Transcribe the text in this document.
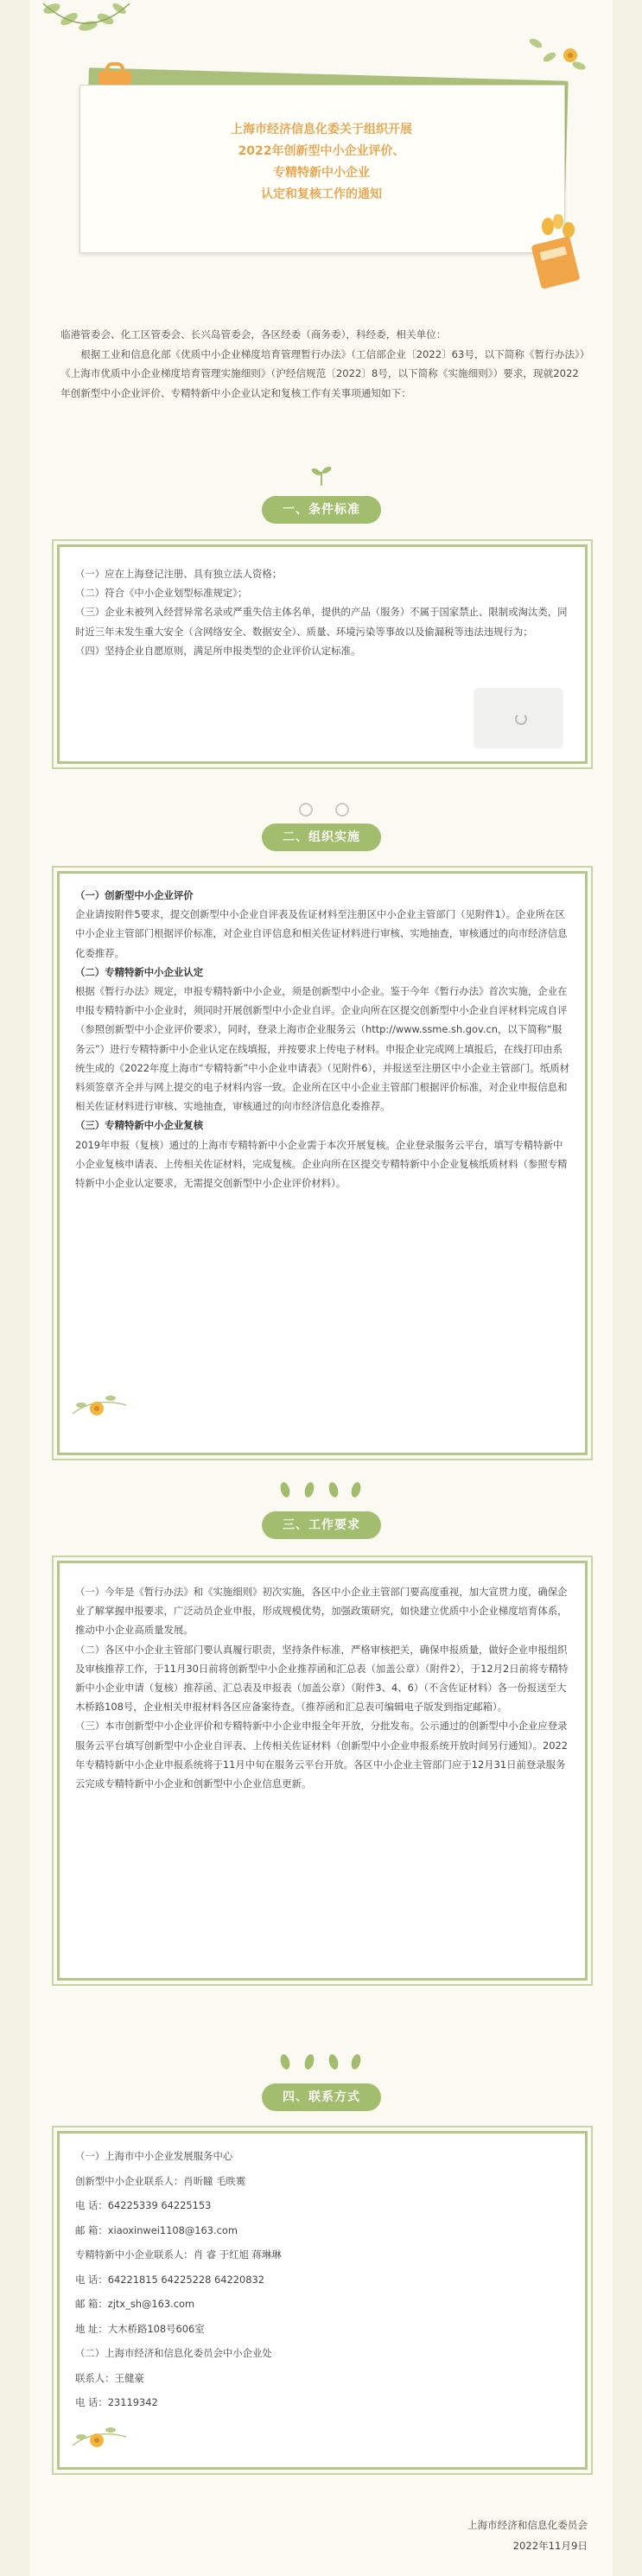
上海市经济信息化委关于组织开展
2022年创新型中小企业评价、
专精特新中小企业
认定和复核工作的通知

临港管委会、化工区管委会、长兴岛管委会，各区经委（商务委），科经委，相关单位：

根据工业和信息化部《优质中小企业梯度培育管理暂行办法》（工信部企业〔2022〕63号，以下简称《暂行办法》）《上海市优质中小企业梯度培育管理实施细则》（沪经信规范〔2022〕8号，以下简称《实施细则》）要求，现就2022年创新型中小企业评价、专精特新中小企业认定和复核工作有关事项通知如下：

一、条件标准

（一）应在上海登记注册、具有独立法人资格；

（二）符合《中小企业划型标准规定》；

（三）企业未被列入经营异常名录或严重失信主体名单，提供的产品（服务）不属于国家禁止、限制或淘汰类，同时近三年未发生重大安全（含网络安全、数据安全）、质量、环境污染等事故以及偷漏税等违法违规行为；

（四）坚持企业自愿原则，满足所申报类型的企业评价认定标准。

二、组织实施

（一）创新型中小企业评价

企业请按附件5要求，提交创新型中小企业自评表及佐证材料至注册区中小企业主管部门（见附件1）。企业所在区中小企业主管部门根据评价标准，对企业自评信息和相关佐证材料进行审核、实地抽查，审核通过的向市经济信息化委推荐。

（二）专精特新中小企业认定

根据《暂行办法》规定，申报专精特新中小企业，须是创新型中小企业。鉴于今年《暂行办法》首次实施，企业在申报专精特新中小企业时，须同时开展创新型中小企业自评。企业向所在区提交创新型中小企业自评材料完成自评（参照创新型中小企业评价要求），同时，登录上海市企业服务云（http://www.ssme.sh.gov.cn，以下简称“服务云”）进行专精特新中小企业认定在线填报，并按要求上传电子材料。申报企业完成网上填报后，在线打印由系统生成的《2022年度上海市“专精特新”中小企业申请表》（见附件6），并报送至注册区中小企业主管部门。纸质材料须签章齐全并与网上提交的电子材料内容一致。企业所在区中小企业主管部门根据评价标准，对企业申报信息和相关佐证材料进行审核、实地抽查，审核通过的向市经济信息化委推荐。

（三）专精特新中小企业复核

2019年申报（复核）通过的上海市专精特新中小企业需于本次开展复核。企业登录服务云平台，填写专精特新中小企业复核申请表、上传相关佐证材料，完成复核。企业向所在区提交专精特新中小企业复核纸质材料（参照专精特新中小企业认定要求，无需提交创新型中小企业评价材料）。

三、工作要求

（一）今年是《暂行办法》和《实施细则》初次实施，各区中小企业主管部门要高度重视，加大宣贯力度，确保企业了解掌握申报要求，广泛动员企业申报，形成规模优势，加强政策研究，如快建立优质中小企业梯度培育体系，推动中小企业高质量发展。

（二）各区中小企业主管部门要认真履行职责，坚持条件标准，严格审核把关，确保申报质量，做好企业申报组织及审核推荐工作，于11月30日前将创新型中小企业推荐函和汇总表（加盖公章）（附件2），于12月2日前将专精特新中小企业申请（复核）推荐函、汇总表及申报表（加盖公章）（附件3、4、6）（不含佐证材料）各一份报送至大木桥路108号，企业相关申报材料各区应备案待查。（推荐函和汇总表可编辑电子版发到指定邮箱）。

（三）本市创新型中小企业评价和专精特新中小企业申报全年开放，分批发布。公示通过的创新型中小企业应登录服务云平台填写创新型中小企业自评表、上传相关佐证材料（创新型中小企业申报系统开放时间另行通知）。2022年专精特新中小企业申报系统将于11月中旬在服务云平台开放。各区中小企业主管部门应于12月31日前登录服务云完成专精特新中小企业和创新型中小企业信息更新。

四、联系方式

（一）上海市中小企业发展服务中心

创新型中小企业联系人：肖昕瞳 毛昳霙

电 话：64225339 64225153

邮 箱：xiaoxinwei1108@163.com

专精特新中小企业联系人：肖 睿 于红旭 蒋琳琳

电 话：64221815 64225228 64220832

邮 箱：zjtx_sh@163.com

地 址：大木桥路108号606室

（二）上海市经济和信息化委员会中小企业处

联系人：王健豪

电 话：23119342

上海市经济和信息化委员会
2022年11月9日
